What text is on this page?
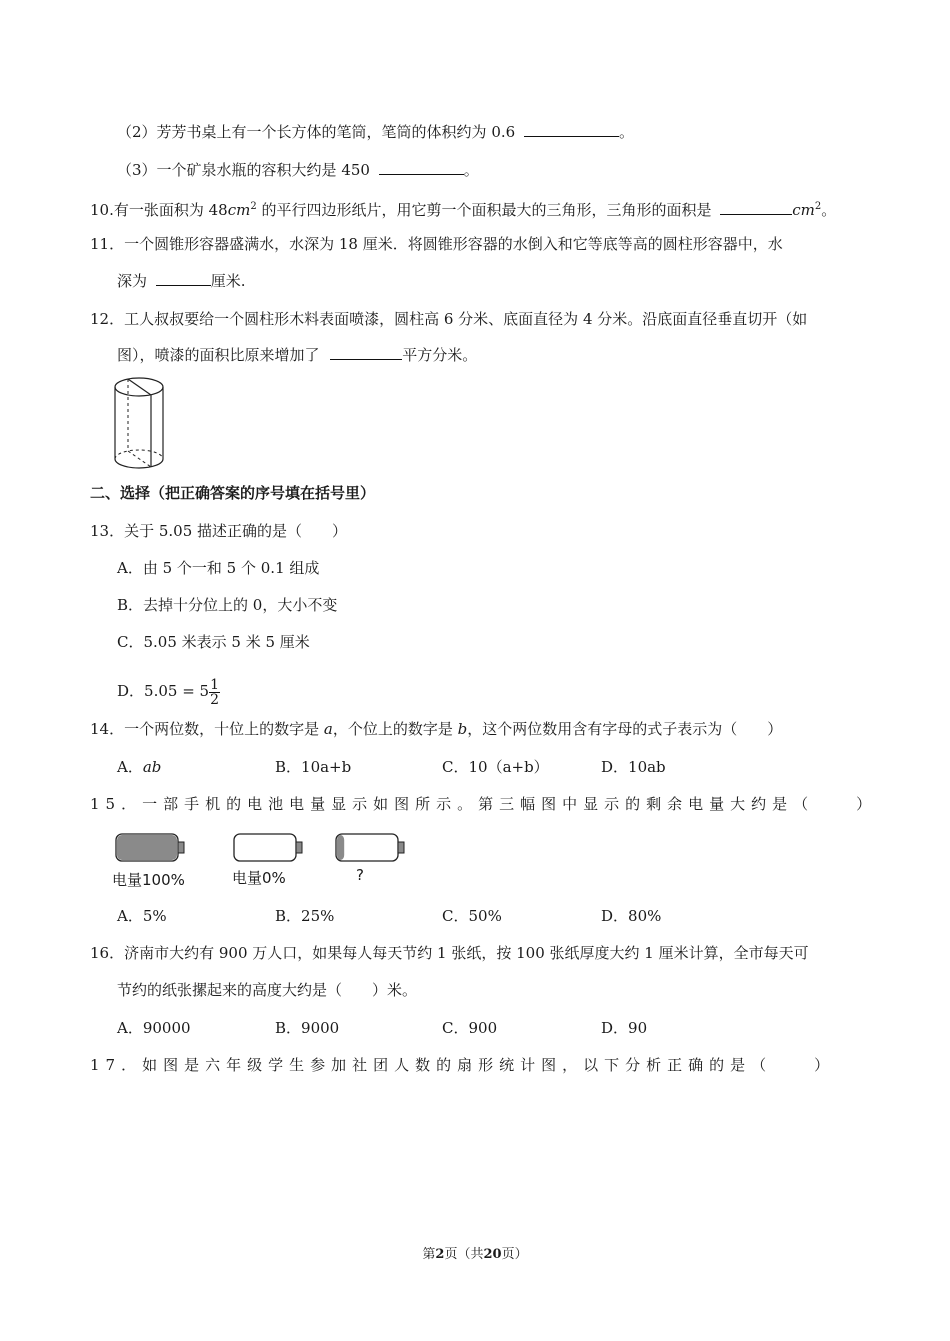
（2）芳芳书桌上有一个长方体的笔筒，笔筒的体积约为 0.6	。
（3）一个矿泉水瓶的容积大约是 450	。
10.有一张面积为 $48cm^2$ 的平行四边形纸片，用它剪一个面积最大的三角形，三角形的面积是	$cm^2$。
11．一个圆锥形容器盛满水，水深为 18 厘米．将圆锥形容器的水倒入和它等底等高的圆柱形容器中，水
深为	厘米.
12．工人叔叔要给一个圆柱形木料表面喷漆，圆柱高 6 分米、底面直径为 4 分米。沿底面直径垂直切开（如
图），喷漆的面积比原来增加了	平方分米。
二、选择（把正确答案的序号填在括号里）
13．关于 5.05 描述正确的是（　　）
A．由 5 个一和 5 个 0.1 组成
B．去掉十分位上的 0，大小不变
C．5.05 米表示 5 米 5 厘米
D．$5.05 = 5 \frac{1}{2}$
14．一个两位数，十位上的数字是 a，个位上的数字是 b，这个两位数用含有字母的式子表示为（　　）
A．ab	B．10a+b	C．10（a+b）	D．10ab
15．一部手机的电池电量显示如图所示。第三幅图中显示的剩余电量大约是（　　）
电量100%	电量0%	?
A．5%	B．25%	C．50%	D．80%
16．济南市大约有 900 万人口，如果每人每天节约 1 张纸，按 100 张纸厚度大约 1 厘米计算，全市每天可
节约的纸张摞起来的高度大约是（　　）米。
A．90000	B．9000	C．900	D．90
17．如图是六年级学生参加社团人数的扇形统计图，以下分析正确的是（　　）
第2页（共20页）
